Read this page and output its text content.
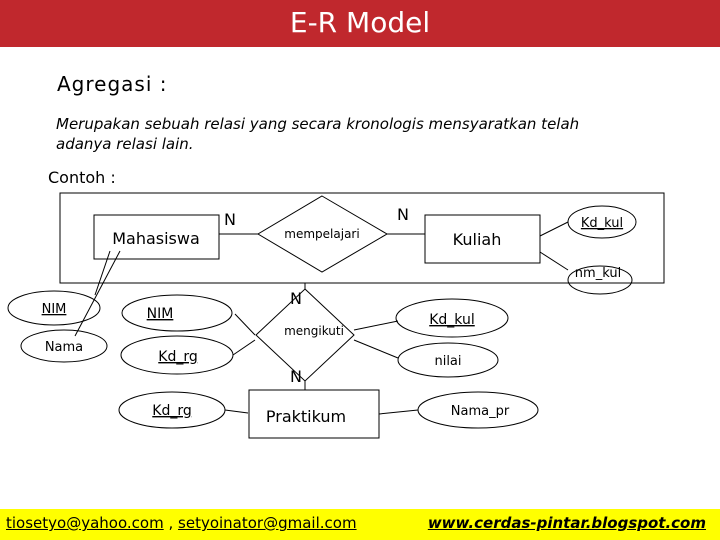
E-R Model
Agregasi :
Merupakan sebuah relasi yang secara kronologis mensyaratkan telah adanya relasi lain.
Contoh :
Mahasiswa	Kuliah
Praktikum
mempelajari
mengikuti
Kd_kul
nm_kul
NIM
Nama
NIM
Kd_rg
Kd_rg
Kd_kul
nilai
Nama_pr
N	N
N
N
tiosetyo@yahoo.com , setyoinator@gmail.com	www.cerdas-pintar.blogspot.com
